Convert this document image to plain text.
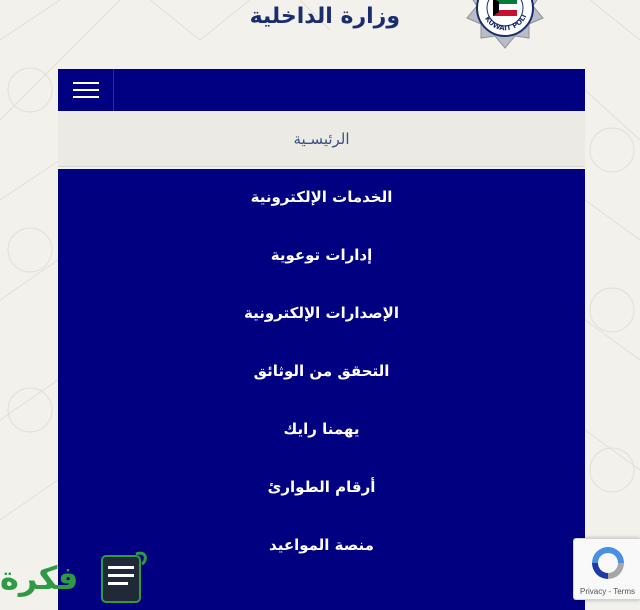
وزارة الداخلية	KUWAIT POLI
الرئيسـية
الخدمات الإلكترونية
إدارات توعوية
الإصدارات الإلكترونية
التحقق من الوثائق
يهمنا رايك
أرقام الطوارئ
منصة المواعيد
فكرة	Privacy - Terms
